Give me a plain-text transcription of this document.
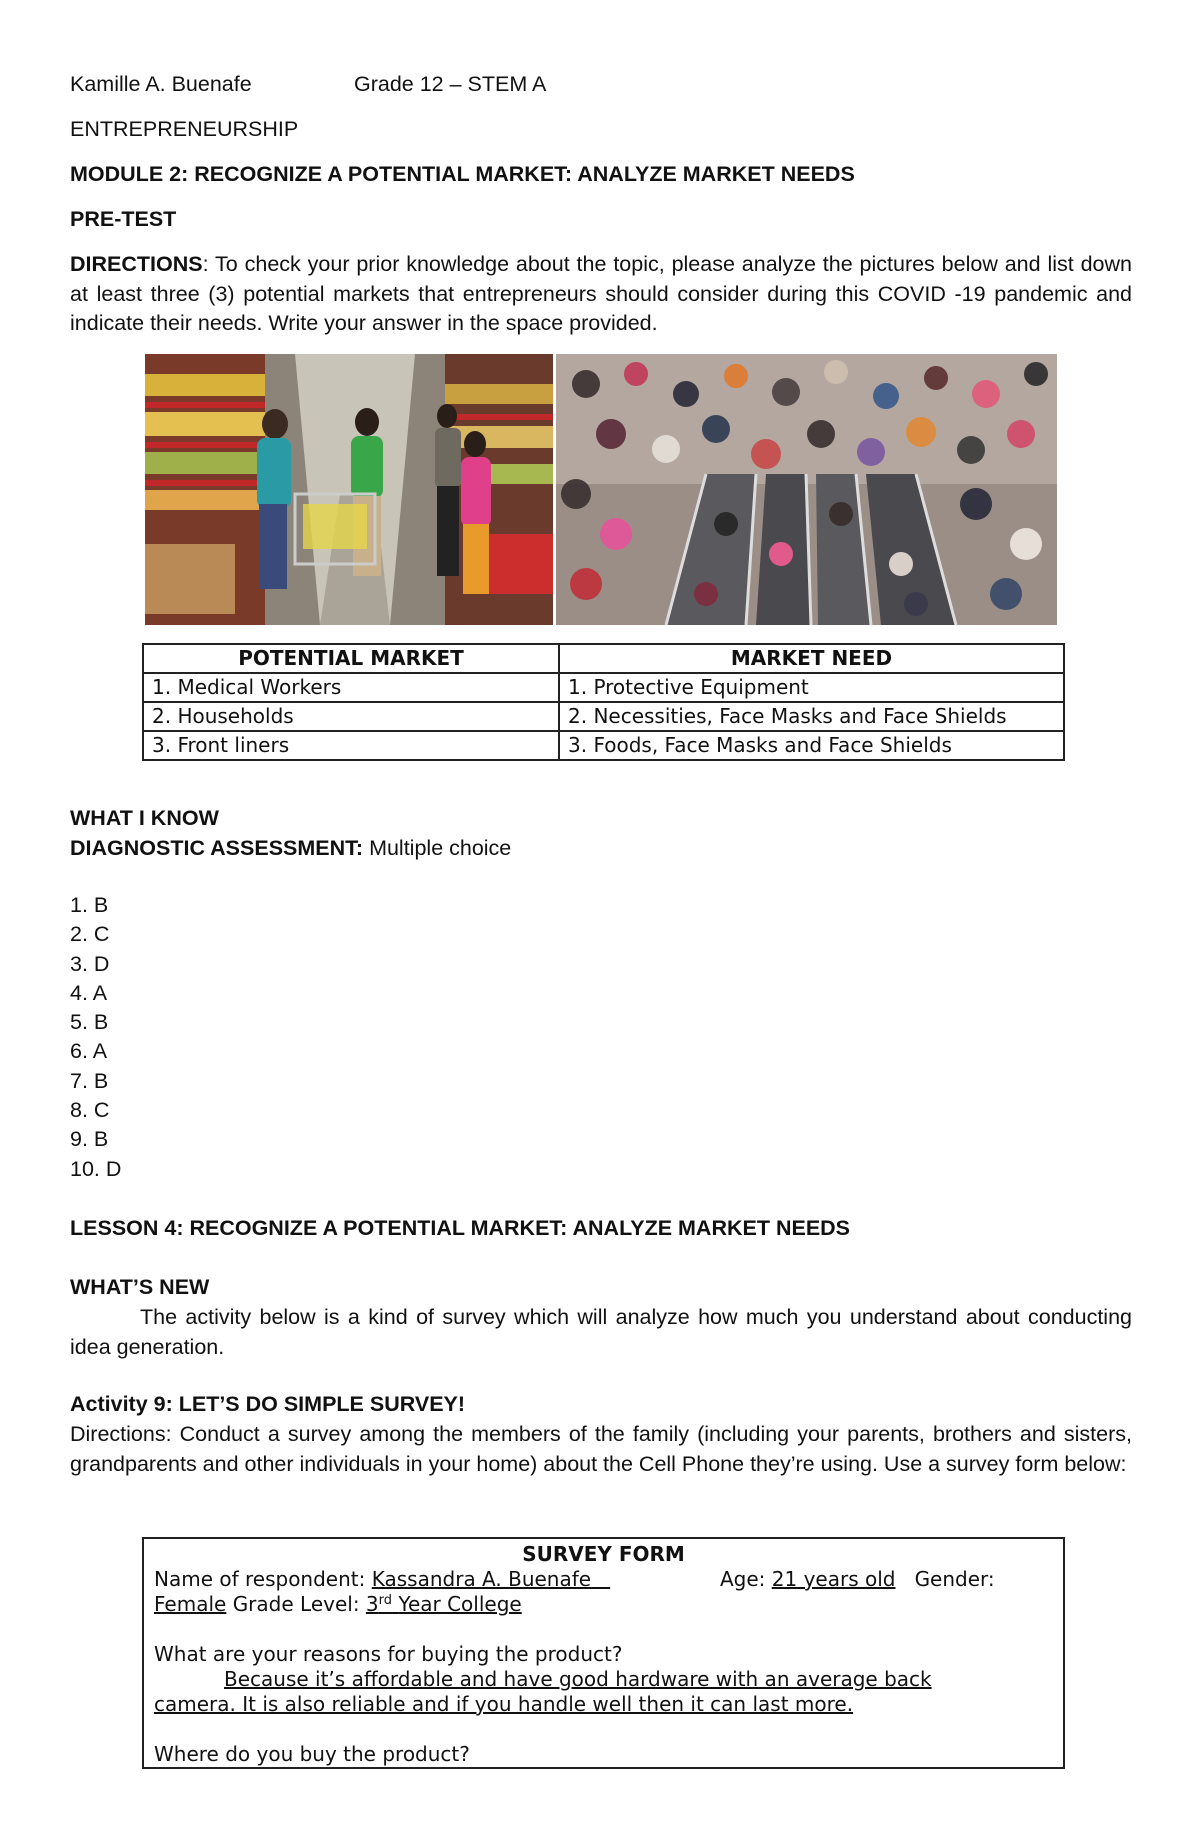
Kamille A. Buenafe	Grade 12 – STEM A
ENTREPRENEURSHIP
MODULE 2: RECOGNIZE A POTENTIAL MARKET: ANALYZE MARKET NEEDS
PRE-TEST
DIRECTIONS: To check your prior knowledge about the topic, please analyze the pictures below and list down at least three (3) potential markets that entrepreneurs should consider during this COVID -19 pandemic and indicate their needs. Write your answer in the space provided.
POTENTIAL MARKET	MARKET NEED
1. Medical Workers	1. Protective Equipment
2. Households	2. Necessities, Face Masks and Face Shields
3. Front liners	3. Foods, Face Masks and Face Shields
WHAT I KNOW
DIAGNOSTIC ASSESSMENT: Multiple choice
1. B
2. C
3. D
4. A
5. B
6. A
7. B
8. C
9. B
10. D
LESSON 4: RECOGNIZE A POTENTIAL MARKET: ANALYZE MARKET NEEDS
WHAT’S NEW
The activity below is a kind of survey which will analyze how much you understand about conducting idea generation.
Activity 9: LET’S DO SIMPLE SURVEY!
Directions: Conduct a survey among the members of the family (including your parents, brothers and sisters, grandparents and other individuals in your home) about the Cell Phone they’re using. Use a survey form below:
SURVEY FORM
Name of respondent: Kassandra A. Buenafe	Age: 21 years old Gender:
Female Grade Level: 3rd Year College
What are your reasons for buying the product?
Because it’s affordable and have good hardware with an average back
camera. It is also reliable and if you handle well then it can last more.
Where do you buy the product?
